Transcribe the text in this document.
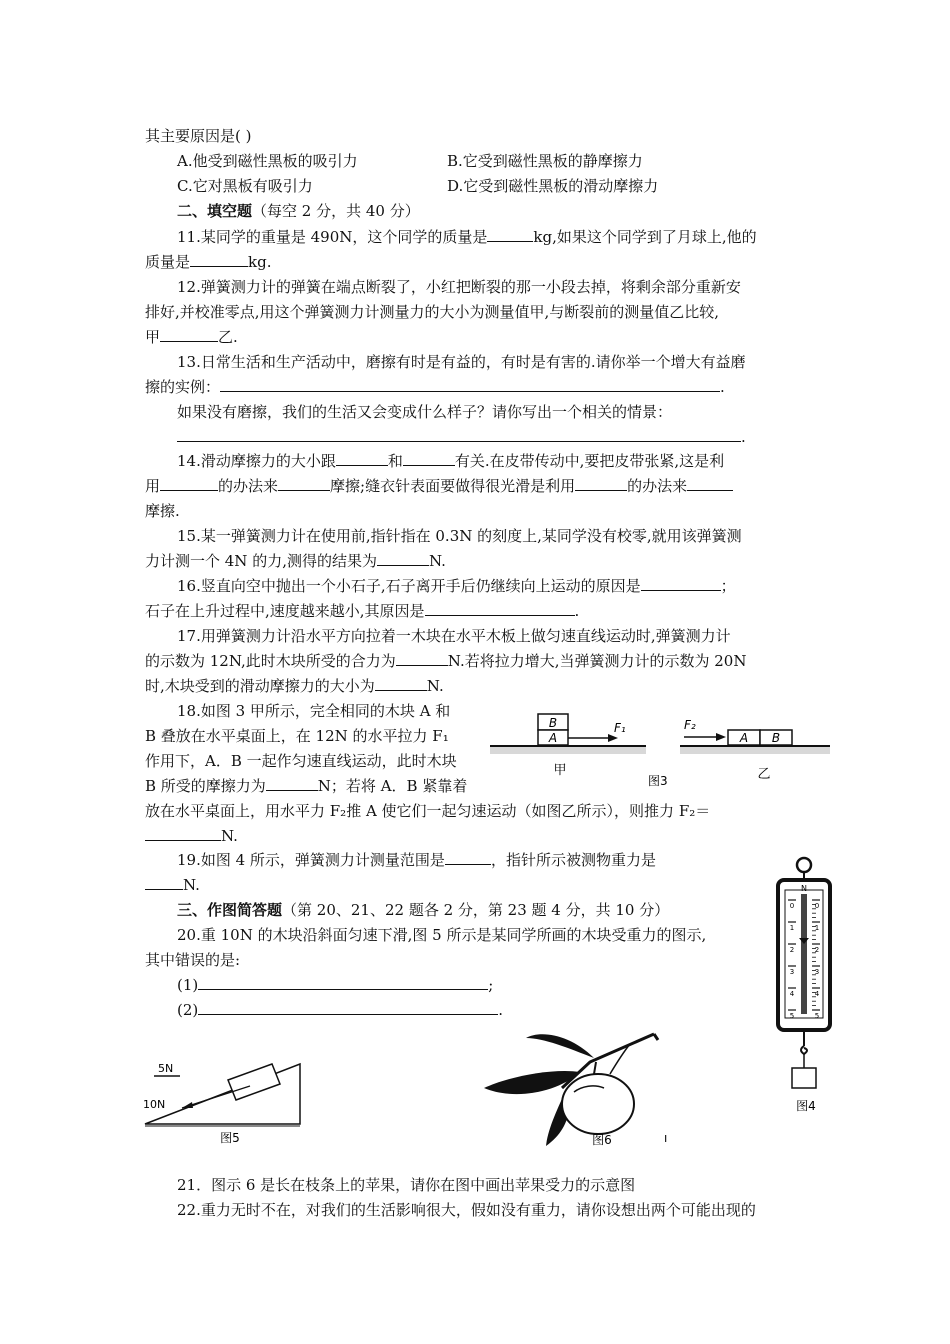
其主要原因是( )
A.他受到磁性黑板的吸引力	B.它受到磁性黑板的静摩擦力
C.它对黑板有吸引力	D.它受到磁性黑板的滑动摩擦力
二、填空题（每空 2 分，共 40 分）
11.某同学的重量是 490N，这个同学的质量是	kg,如果这个同学到了月球上,他的
质量是	kg.
12.弹簧测力计的弹簧在端点断裂了，小红把断裂的那一小段去掉，将剩余部分重新安
排好,并校准零点,用这个弹簧测力计测量力的大小为测量值甲,与断裂前的测量值乙比较,
甲	乙.
13.日常生活和生产活动中，磨擦有时是有益的，有时是有害的.请你举一个增大有益磨
擦的实例：	.
如果没有磨擦，我们的生活又会变成什么样子？请你写出一个相关的情景：
.
14.滑动摩擦力的大小跟	和	有关.在皮带传动中,要把皮带张紧,这是利
用	的办法来	摩擦;缝衣针表面要做得很光滑是利用	的办法来
摩擦.
15.某一弹簧测力计在使用前,指针指在 0.3N 的刻度上,某同学没有校零,就用该弹簧测
力计测一个 4N 的力,测得的结果为	N.
16.竖直向空中抛出一个小石子,石子离开手后仍继续向上运动的原因是	；
石子在上升过程中,速度越来越小,其原因是	.
17.用弹簧测力计沿水平方向拉着一木块在水平木板上做匀速直线运动时,弹簧测力计
的示数为 12N,此时木块所受的合力为	N.若将拉力增大,当弹簧测力计的示数为 20N
时,木块受到的滑动摩擦力的大小为	N.
18.如图 3 甲所示，完全相同的木块 A 和
B 叠放在水平桌面上，在 12N 的水平拉力 F₁
作用下，A．B 一起作匀速直线运动，此时木块
B 所受的摩擦力为	N；若将 A．B 紧靠着
放在水平桌面上，用水平力 F₂推 A 使它们一起匀速运动（如图乙所示），则推力 F₂＝
N.
B
A
F₁
甲
图3
F₂
A B
乙
19.如图 4 所示，弹簧测力计测量范围是	，指针所示被测物重力是
N.
三、作图简答题（第 20、21、22 题各 2 分，第 23 题 4 分，共 10 分）
20.重 10N 的木块沿斜面匀速下滑,图 5 所示是某同学所画的木块受重力的图示,
其中错误的是:
(1)	;
(2)	.
N
0	0
1	1
2	2
3	3
4	4
5	5
图4
5N
10N
图5	图6	ı
21．图示 6 是长在枝条上的苹果，请你在图中画出苹果受力的示意图
22.重力无时不在，对我们的生活影响很大，假如没有重力，请你设想出两个可能出现的
